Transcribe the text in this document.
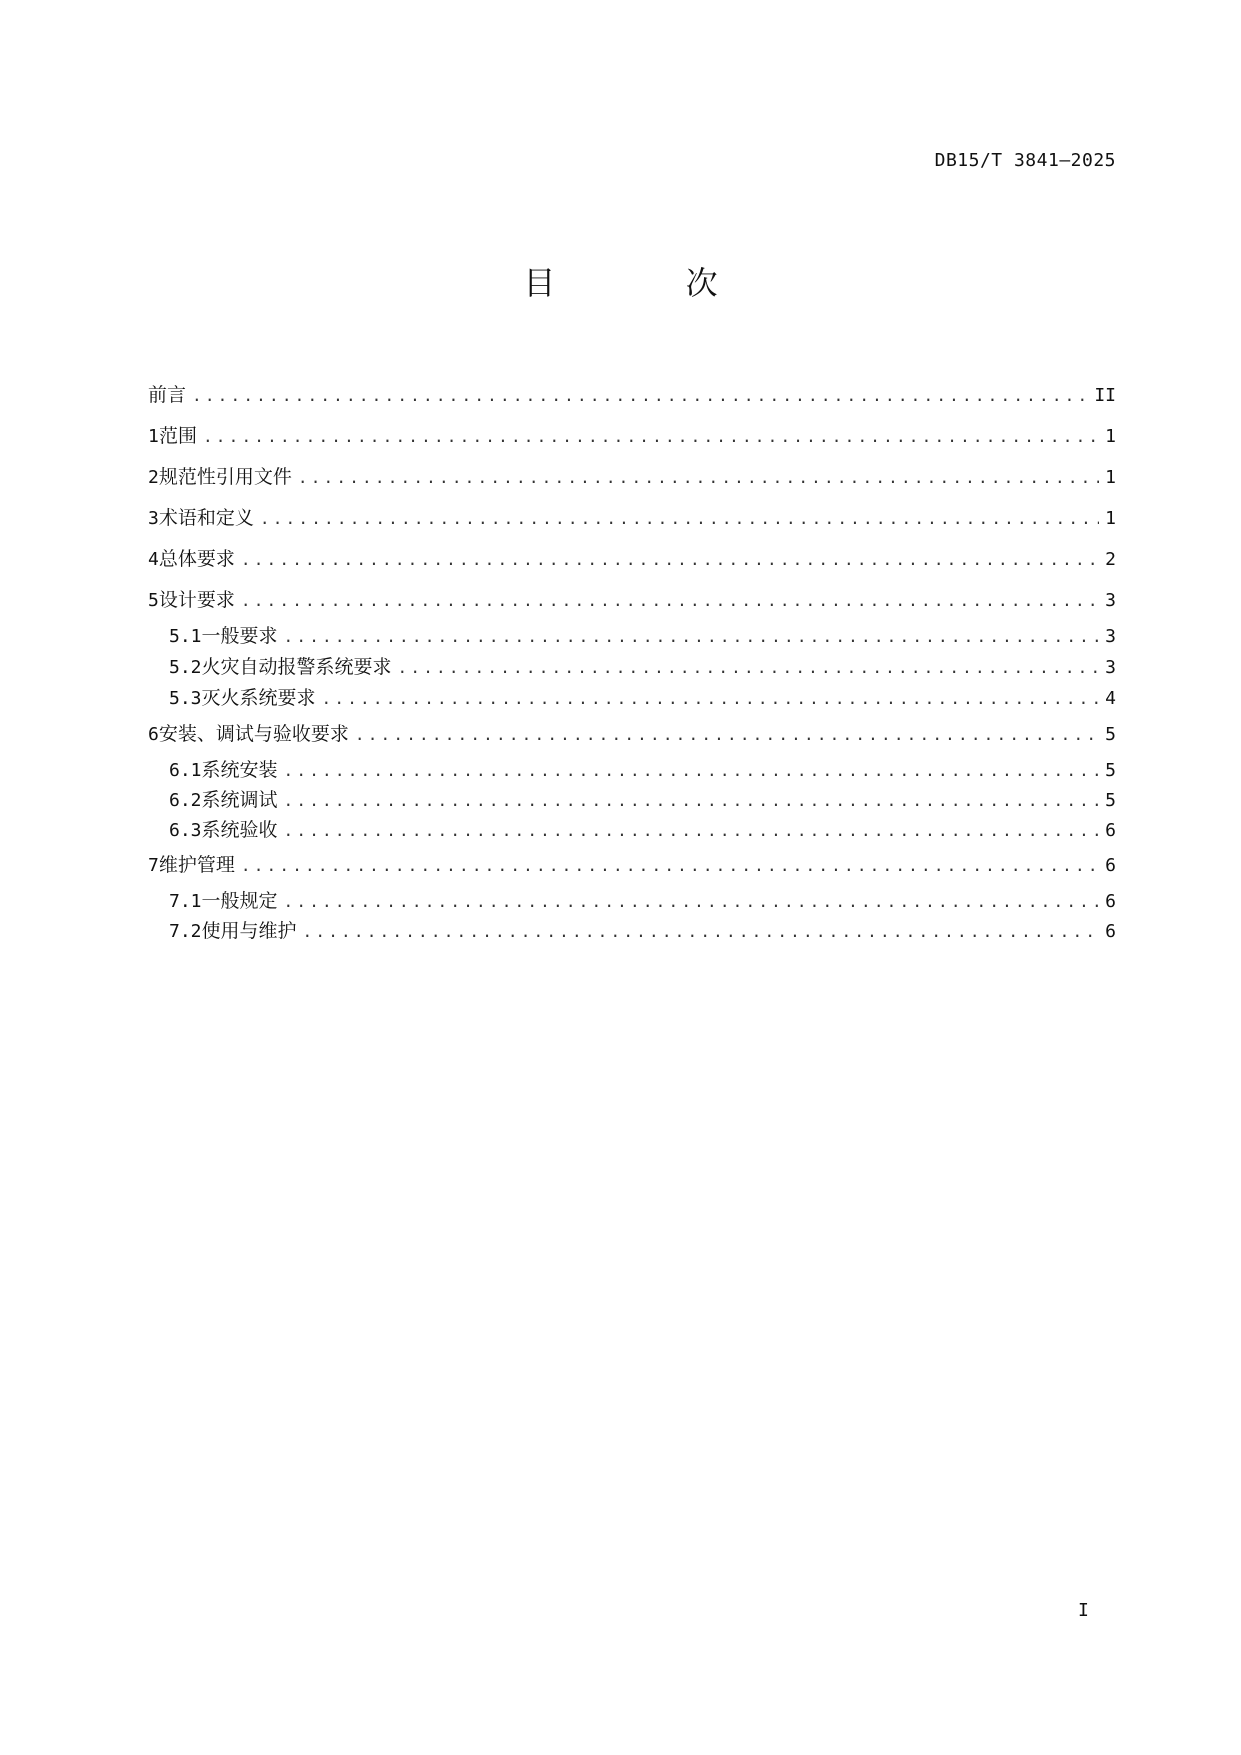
DB15/T 3841—2025
目 次
前言 .....	II
1 范围 .....	1
2 规范性引用文件 .....	1
3 术语和定义 .....	1
4 总体要求 .....	2
5 设计要求 .....	3
5.1 一般要求 .....	3
5.2 火灾自动报警系统要求 .....	3
5.3 灭火系统要求 .....	4
6 安装、调试与验收要求 .....	5
6.1 系统安装 .....	5
6.2 系统调试 .....	5
6.3 系统验收 .....	6
7 维护管理 .....	6
7.1 一般规定 .....	6
7.2 使用与维护 .....	6
I
